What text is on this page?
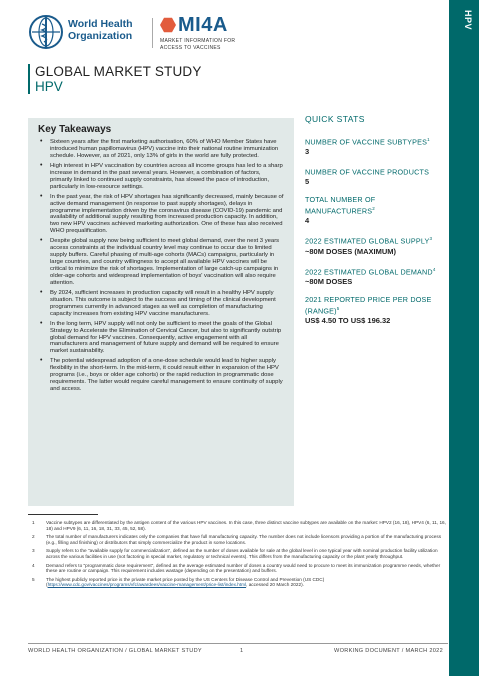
HPV
World Health
Organization	MI4A
MARKET INFORMATION FOR
ACCESS TO VACCINES
GLOBAL MARKET STUDY
HPV
Key Takeaways
• Sixteen years after the first marketing authorisation, 60% of WHO Member States have introduced human papillomavirus (HPV) vaccine into their national routine immunization schedule. However, as of 2021, only 13% of girls in the world are fully protected.
• High interest in HPV vaccination by countries across all income groups has led to a sharp increase in demand in the past several years. However, a combination of factors, primarily linked to continued supply constraints, has slowed the pace of introduction, particularly in low-resource settings.
• In the past year, the risk of HPV shortages has significantly decreased, mainly because of active demand management (in response to past supply shortages), delays in programme implementation driven by the coronavirus disease (COVID-19) pandemic and availability of additional supply resulting from increased production capacity. In addition, two new HPV vaccines achieved marketing authorization. One of these has also received WHO prequalification.
• Despite global supply now being sufficient to meet global demand, over the next 3 years access constraints at the individual country level may continue to occur due to limited supply buffers. Careful phasing of multi-age cohorts (MACs) campaigns, particularly in large countries, and country willingness to accept all available HPV vaccines will be critical to minimize the risk of shortages. Implementation of large catch-up campaigns in older-age cohorts and widespread implementation of boys' vaccination will also require attention.
• By 2024, sufficient increases in production capacity will result in a healthy HPV supply situation. This outcome is subject to the success and timing of the clinical development programmes currently in advanced stages as well as completion of manufacturing capacity increases from existing HPV vaccine manufacturers.
• In the long term, HPV supply will not only be sufficient to meet the goals of the Global Strategy to Accelerate the Elimination of Cervical Cancer, but also to significantly outstrip global demand for HPV vaccines. Consequently, active engagement with all manufacturers and management of future supply and demand will be required to ensure market sustainability.
• The potential widespread adoption of a one-dose schedule would lead to higher supply flexibility in the short-term. In the mid-term, it could result either in expansion of the HPV programs (i.e., boys or older age cohorts) or the rapid reduction in programmatic dose requirements. The latter would require careful management to ensure continuity of supply and access.
QUICK STATS
NUMBER OF VACCINE SUBTYPES$^1$
3
NUMBER OF VACCINE PRODUCTS
5
TOTAL NUMBER OF MANUFACTURERS$^2$
4
2022 ESTIMATED GLOBAL SUPPLY$^3$
~80M DOSES (MAXIMUM)
2022 ESTIMATED GLOBAL DEMAND$^4$
~80M DOSES
2021 REPORTED PRICE PER DOSE (RANGE)$^5$
US$ 4.50 TO US$ 196.32
1 Vaccine subtypes are differentiated by the antigen content of the various HPV vaccines. In this case, three distinct vaccine subtypes are available on the market: HPV2 (16, 18), HPV4 (6, 11, 16, 18) and HPV9 (6, 11, 16, 18, 31, 33, 45, 52, 58).
2 The total number of manufacturers indicates only the companies that have full manufacturing capacity. The number does not include licensors providing a portion of the manufacturing process (e.g., filling and finishing) or distributors that simply commercialize the product in some locations.
3 Supply refers to the "available supply for commercialization", defined as the number of doses available for sale at the global level in one typical year with nominal production facility utilization across the various facilities in use (not factoring in special market, regulatory or technical events). This differs from the manufacturing capacity or the plant yearly throughput.
4 Demand refers to "programmatic dose requirement", defined as the average estimated number of doses a country would need to procure to meet its immunization programme needs, whether these are routine or campaign. This requirement includes wastage (depending on the presentation) and buffers.
5 The highest publicly reported price is the private market price posted by the US Centers for Disease Control and Prevention (US CDC) (https://www.cdc.gov/vaccines/programs/vfc/awardees/vaccine-management/price-list/index.html, accessed 20 March 2022).
WORLD HEALTH ORGANIZATION / GLOBAL MARKET STUDY	1	WORKING DOCUMENT / MARCH 2022
